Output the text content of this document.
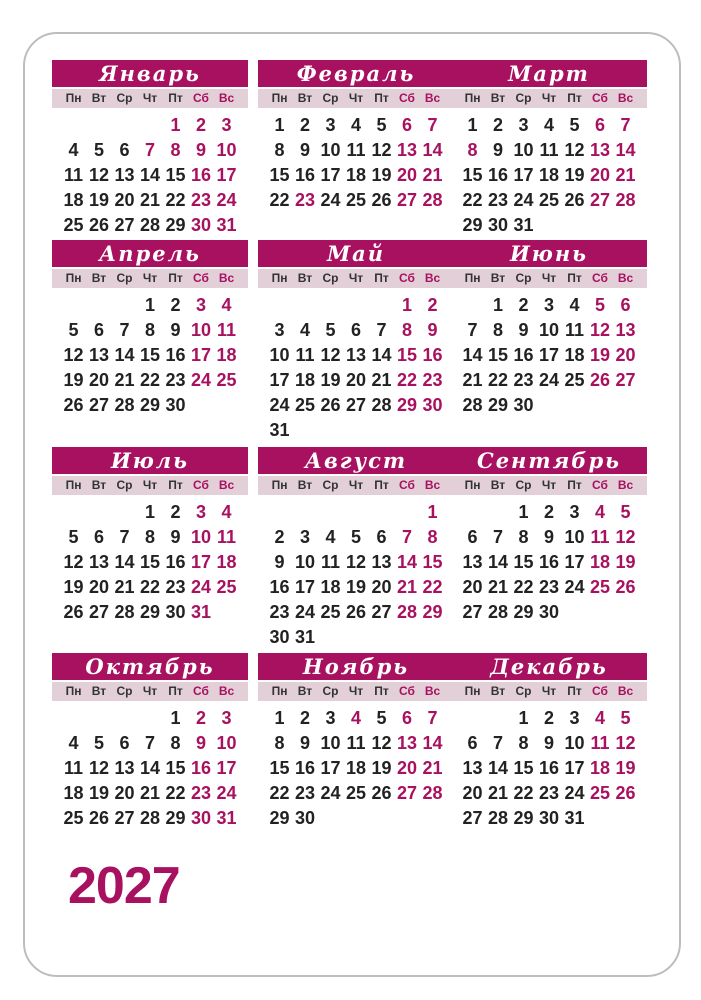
Январь
Пн Вт Ср Чт Пт Сб Вс
1 2 3
4 5 6 7 8 9 10
11 12 13 14 15 16 17
18 19 20 21 22 23 24
25 26 27 28 29 30 31
Февраль
Пн Вт Ср Чт Пт Сб Вс
1 2 3 4 5 6 7
8 9 10 11 12 13 14
15 16 17 18 19 20 21
22 23 24 25 26 27 28
Март
Пн Вт Ср Чт Пт Сб Вс
1 2 3 4 5 6 7
8 9 10 11 12 13 14
15 16 17 18 19 20 21
22 23 24 25 26 27 28
29 30 31
Апрель
Пн Вт Ср Чт Пт Сб Вс
1 2 3 4
5 6 7 8 9 10 11
12 13 14 15 16 17 18
19 20 21 22 23 24 25
26 27 28 29 30
Май
Пн Вт Ср Чт Пт Сб Вс
1 2
3 4 5 6 7 8 9
10 11 12 13 14 15 16
17 18 19 20 21 22 23
24 25 26 27 28 29 30
31
Июнь
Пн Вт Ср Чт Пт Сб Вс
1 2 3 4 5 6
7 8 9 10 11 12 13
14 15 16 17 18 19 20
21 22 23 24 25 26 27
28 29 30
Июль
Пн Вт Ср Чт Пт Сб Вс
1 2 3 4
5 6 7 8 9 10 11
12 13 14 15 16 17 18
19 20 21 22 23 24 25
26 27 28 29 30 31
Август
Пн Вт Ср Чт Пт Сб Вс
1
2 3 4 5 6 7 8
9 10 11 12 13 14 15
16 17 18 19 20 21 22
23 24 25 26 27 28 29
30 31
Сентябрь
Пн Вт Ср Чт Пт Сб Вс
1 2 3 4 5
6 7 8 9 10 11 12
13 14 15 16 17 18 19
20 21 22 23 24 25 26
27 28 29 30
Октябрь
Пн Вт Ср Чт Пт Сб Вс
1 2 3
4 5 6 7 8 9 10
11 12 13 14 15 16 17
18 19 20 21 22 23 24
25 26 27 28 29 30 31
Ноябрь
Пн Вт Ср Чт Пт Сб Вс
1 2 3 4 5 6 7
8 9 10 11 12 13 14
15 16 17 18 19 20 21
22 23 24 25 26 27 28
29 30
Декабрь
Пн Вт Ср Чт Пт Сб Вс
1 2 3 4 5
6 7 8 9 10 11 12
13 14 15 16 17 18 19
20 21 22 23 24 25 26
27 28 29 30 31
2027
